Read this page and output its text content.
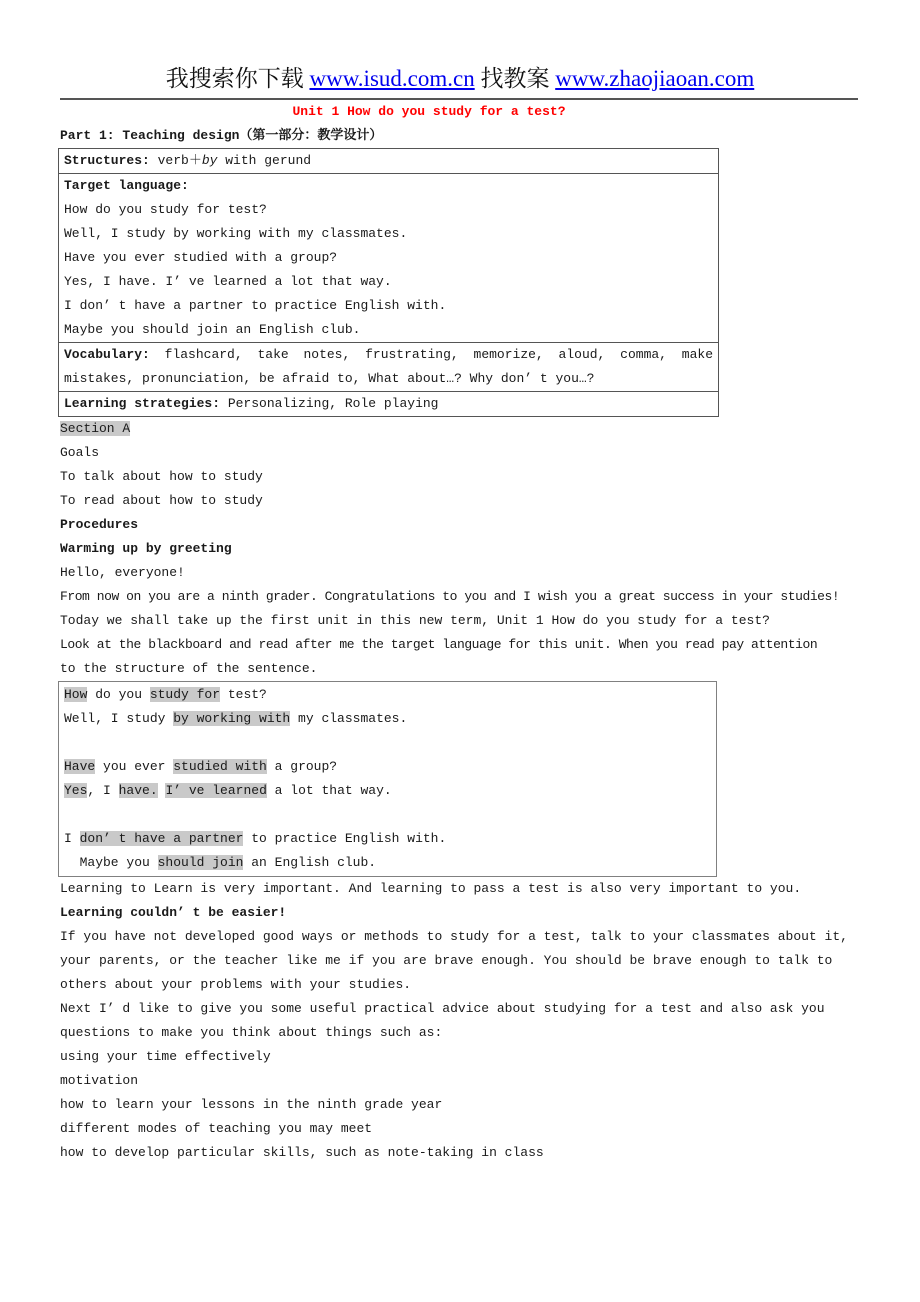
我搜索你下载 www.isud.com.cn 找教案 www.zhaojiaoan.com
Unit 1 How do you study for a test?
Part 1: Teaching design（第一部分：教学设计）
Structures: verb＋by with gerund

Target language:
How do you study for test?
Well, I study by working with my classmates.
Have you ever studied with a group?
Yes, I have. I’ ve learned a lot that way.
I don’ t have a partner to practice English with.
Maybe you should join an English club.

Vocabulary: flashcard, take notes, frustrating, memorize, aloud, comma, make mistakes, pronunciation, be afraid to, What about…? Why don’ t you…?

Learning strategies: Personalizing, Role playing
Section A
Goals
To talk about how to study
To read about how to study
Procedures
Warming up by greeting
Hello, everyone!
From now on you are a ninth grader. Congratulations to you and I wish you a great success in your studies!
Today we shall take up the first unit in this new term, Unit 1 How do you study for a test?
Look at the blackboard and read after me the target language for this unit. When you read pay attention
to the structure of the sentence.
How do you study for test?
Well, I study by working with my classmates.

Have you ever studied with a group?
Yes, I have. I’ ve learned a lot that way.

I don’ t have a partner to practice English with.
Maybe you should join an English club.
Learning to Learn is very important. And learning to pass a test is also very important to you.
Learning couldn’ t be easier!
If you have not developed good ways or methods to study for a test, talk to your classmates about it,
your parents, or the teacher like me if you are brave enough. You should be brave enough to talk to
others about your problems with your studies.
Next I’ d like to give you some useful practical advice about studying for a test and also ask you
questions to make you think about things such as:
using your time effectively
motivation
how to learn your lessons in the ninth grade year
different modes of teaching you may meet
how to develop particular skills, such as note-taking in class
